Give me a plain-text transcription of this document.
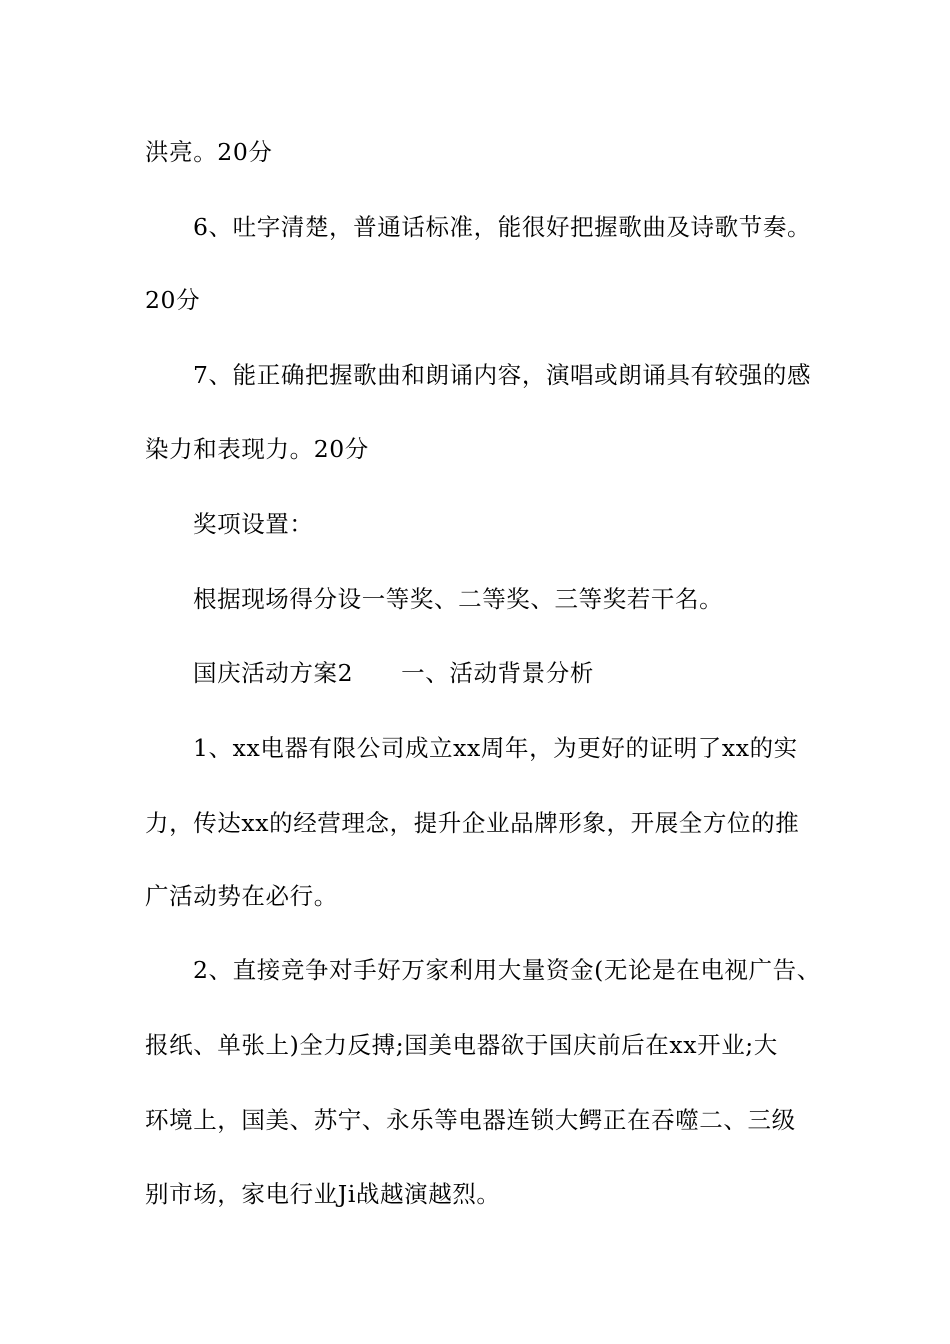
洪亮。20分
6、吐字清楚，普通话标准，能很好把握歌曲及诗歌节奏。
20分
7、能正确把握歌曲和朗诵内容，演唱或朗诵具有较强的感
染力和表现力。20分
奖项设置：
根据现场得分设一等奖、二等奖、三等奖若干名。
国庆活动方案2 一、活动背景分析
1、xx电器有限公司成立xx周年，为更好的证明了xx的实
力，传达xx的经营理念，提升企业品牌形象，开展全方位的推
广活动势在必行。
2、直接竞争对手好万家利用大量资金(无论是在电视广告、
报纸、单张上)全力反搏;国美电器欲于国庆前后在xx开业;大
环境上，国美、苏宁、永乐等电器连锁大鳄正在吞噬二、三级
别市场，家电行业Ji战越演越烈。
